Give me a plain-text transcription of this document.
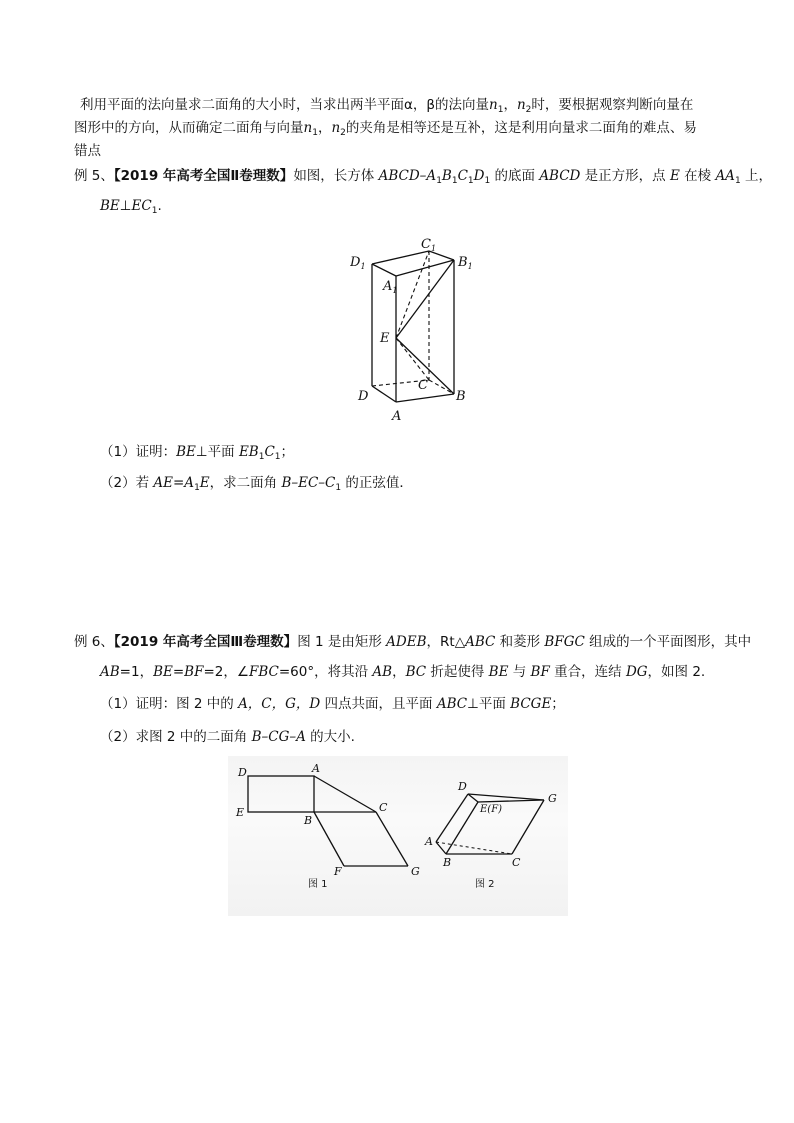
利用平面的法向量求二面角的大小时，当求出两半平面α，β的法向量$n_1$，$n_2$时，要根据观察判断向量在
图形中的方向，从而确定二面角与向量$n_1$，$n_2$的夹角是相等还是互补，这是利用向量求二面角的难点、易
错点
例 5、【2019 年高考全国Ⅱ卷理数】如图，长方体 ABCD–$A_1B_1C_1D_1$ 的底面 ABCD 是正方形，点 E 在棱 $AA_1$ 上，
$BE\perp EC_1$.
$D_1$
$C_1$
$B_1$
$A_1$
E
C
D	B
A
（1）证明：BE⊥平面 $EB_1C_1$；
（2）若 $AE=A_1E$，求二面角 $B-EC-C_1$ 的正弦值．
例 6、【2019 年高考全国Ⅲ卷理数】图 1 是由矩形 ADEB，Rt△ABC 和菱形 BFGC 组成的一个平面图形，其中
AB=1，BE=BF=2，∠FBC=60°，将其沿 AB，BC 折起使得 BE 与 BF 重合，连结 DG，如图 2.
（1）证明：图 2 中的 A，C，G，D 四点共面，且平面 ABC⊥平面 BCGE；
（2）求图 2 中的二面角 B–CG–A 的大小.
D	A
E
B
C
F	G
图 1
D
E(F)
G
A
B	C
图 2
